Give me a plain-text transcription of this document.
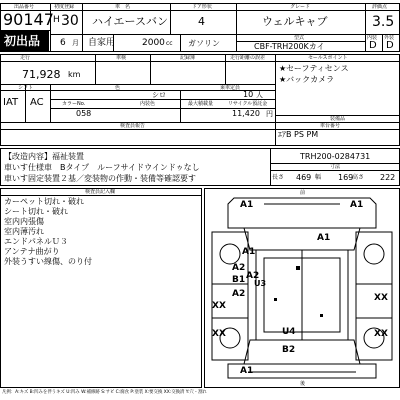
出品番号	初度登録	車　名	ドア形状	グレード	評価点
90147 H 30 ハイエースバン	4	ウェルキャブ	3.5
初出品 6 月 自家用	2000 cc ガソリン
型式
CBF-TRH200Kカイ
内装 外装
D D
走行	車検	記録簿	走行距離の誤差	セールスポイント
71,928 km
★セーフティセンス
★バックカメラ
シフト	色	乗車定員
IAT AC
シロ	10 人
カラーNo.	内装色	最大積載量	リサイクル預託金
058	11,420 円
装備品
ｴｱB PS PM
検査員報告	車台番号
【改造内容】福祉装置
車いす仕様車　Bタイプ　ルーフサイドウインドゥなし
車いす固定装置２基／変装物の作動・装備等確認要す
TRH200-0284731
寸法
長さ 469 幅 169
高さ 222
検査員記入欄
カーペット切れ・破れ
シート切れ・破れ
室内内張傷
室内薄汚れ
エンドパネルＵ３
アンテナ曲がり
外装うすい線傷、のり付
前
後
A1	A1
A1
A1
A2
B1 U3
A2
A2
XX
XX
XX	XX
U4
B2
A1
凡例：A:キズ B:凹みを伴うキズ U:凹み W:補修跡 S:サビ C:腐食 P:塗装 X:要交換 XX:交換済 Y:穴・割れ
